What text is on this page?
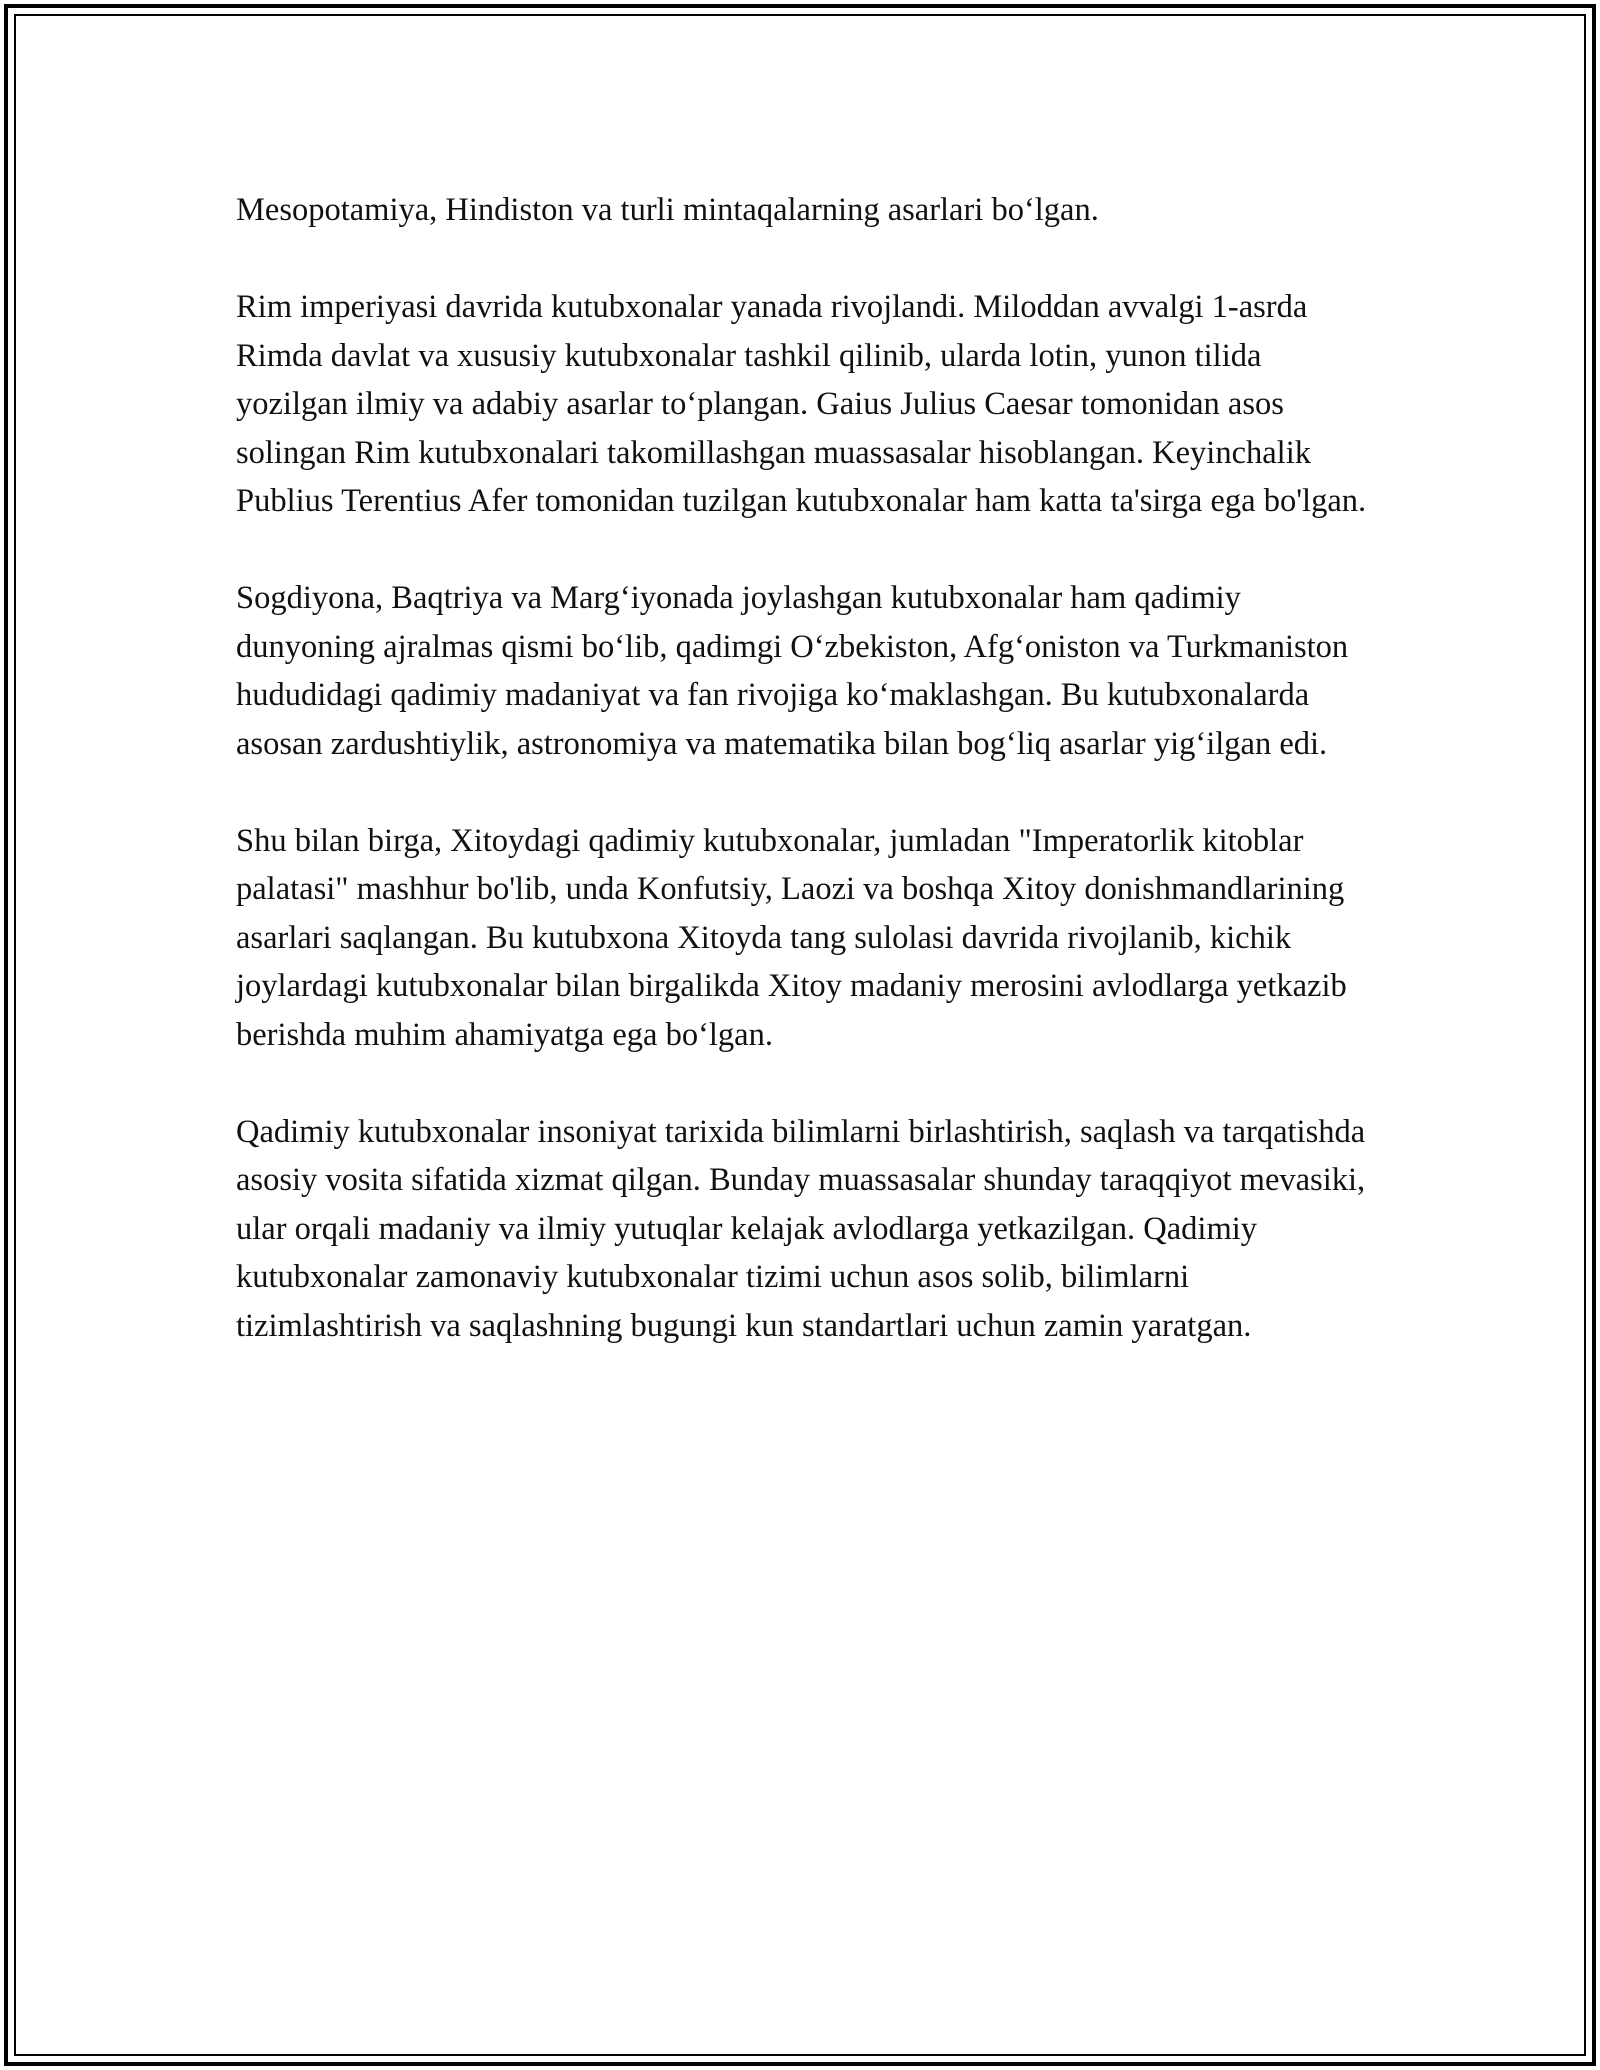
Mesopotamiya, Hindiston va turli mintaqalarning asarlari bo‘lgan.

Rim imperiyasi davrida kutubxonalar yanada rivojlandi. Miloddan avvalgi 1-asrda Rimda davlat va xususiy kutubxonalar tashkil qilinib, ularda lotin, yunon tilida yozilgan ilmiy va adabiy asarlar to‘plangan. Gaius Julius Caesar tomonidan asos solingan Rim kutubxonalari takomillashgan muassasalar hisoblangan. Keyinchalik Publius Terentius Afer tomonidan tuzilgan kutubxonalar ham katta ta'sirga ega bo'lgan.

Sogdiyona, Baqtriya va Marg‘iyonada joylashgan kutubxonalar ham qadimiy dunyoning ajralmas qismi bo‘lib, qadimgi O‘zbekiston, Afg‘oniston va Turkmaniston hududidagi qadimiy madaniyat va fan rivojiga ko‘maklashgan. Bu kutubxonalarda asosan zardushtiylik, astronomiya va matematika bilan bog‘liq asarlar yig‘ilgan edi.

Shu bilan birga, Xitoydagi qadimiy kutubxonalar, jumladan "Imperatorlik kitoblar palatasi" mashhur bo'lib, unda Konfutsiy, Laozi va boshqa Xitoy donishmandlarining asarlari saqlangan. Bu kutubxona Xitoyda tang sulolasi davrida rivojlanib, kichik joylardagi kutubxonalar bilan birgalikda Xitoy madaniy merosini avlodlarga yetkazib berishda muhim ahamiyatga ega bo‘lgan.

Qadimiy kutubxonalar insoniyat tarixida bilimlarni birlashtirish, saqlash va tarqatishda asosiy vosita sifatida xizmat qilgan. Bunday muassasalar shunday taraqqiyot mevasiki, ular orqali madaniy va ilmiy yutuqlar kelajak avlodlarga yetkazilgan. Qadimiy kutubxonalar zamonaviy kutubxonalar tizimi uchun asos solib, bilimlarni tizimlashtirish va saqlashning bugungi kun standartlari uchun zamin yaratgan.
